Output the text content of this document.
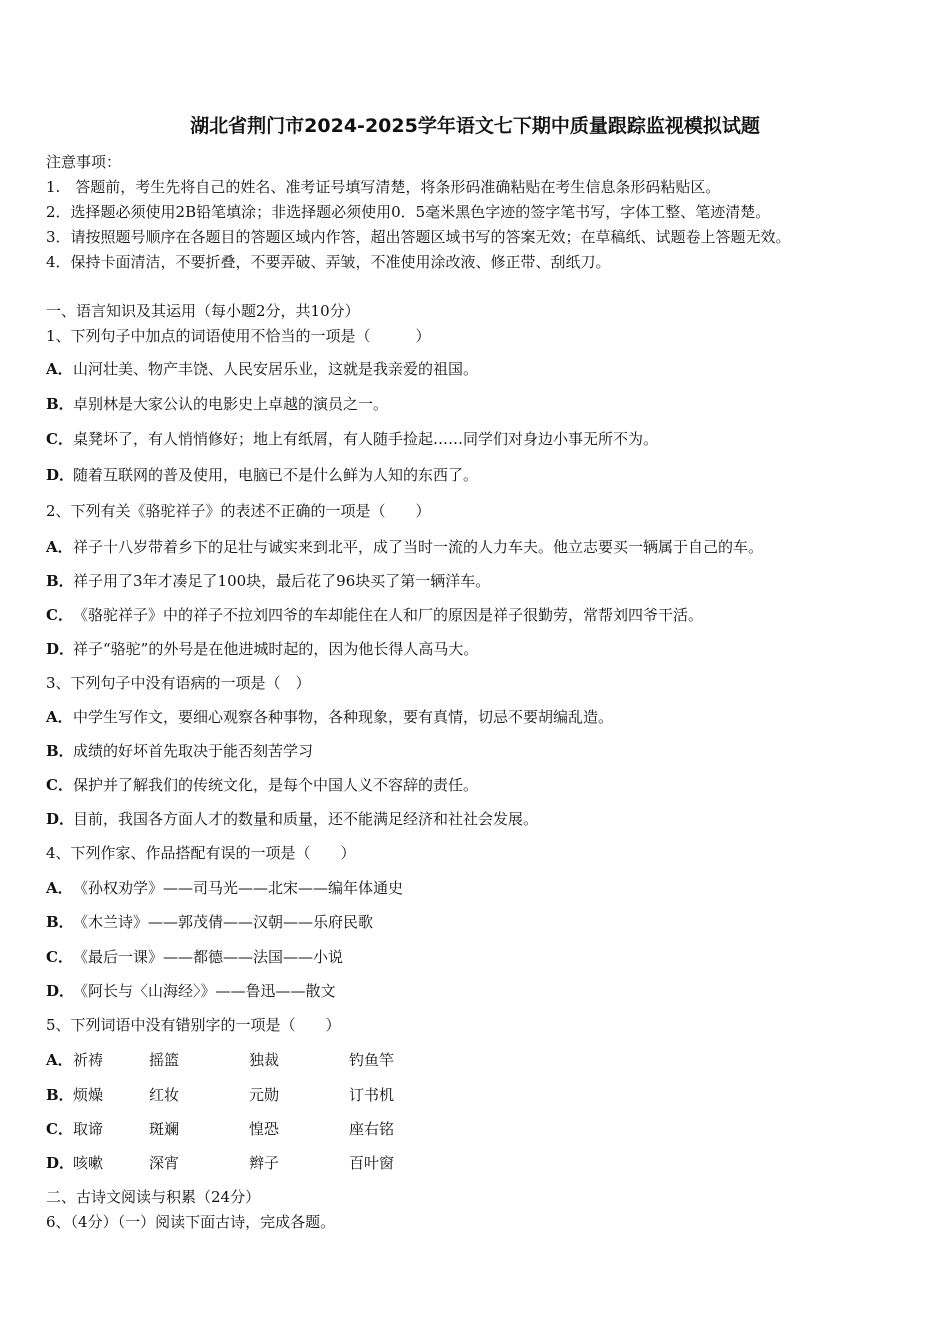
湖北省荆门市2024-2025学年语文七下期中质量跟踪监视模拟试题
注意事项：
1.　答题前，考生先将自己的姓名、准考证号填写清楚，将条形码准确粘贴在考生信息条形码粘贴区。
2．选择题必须使用2B铅笔填涂；非选择题必须使用0．5毫米黑色字迹的签字笔书写，字体工整、笔迹清楚。
3．请按照题号顺序在各题目的答题区域内作答，超出答题区域书写的答案无效；在草稿纸、试题卷上答题无效。
4．保持卡面清洁，不要折叠，不要弄破、弄皱，不准使用涂改液、修正带、刮纸刀。
一、语言知识及其运用（每小题2分，共10分）
1、下列句子中加点的词语使用不恰当的一项是（　　　）
A．山河壮美、物产丰饶、人民安居乐业，这就是我亲爱的祖国。
B．卓别林是大家公认的电影史上卓越的演员之一。
C．桌凳坏了，有人悄悄修好；地上有纸屑，有人随手捡起……同学们对身边小事无所不为。
D．随着互联网的普及使用，电脑已不是什么鲜为人知的东西了。
2、下列有关《骆驼祥子》的表述不正确的一项是（　　）
A．祥子十八岁带着乡下的足壮与诚实来到北平，成了当时一流的人力车夫。他立志要买一辆属于自己的车。
B．祥子用了3年才凑足了100块，最后花了96块买了第一辆洋车。
C．《骆驼祥子》中的祥子不拉刘四爷的车却能住在人和厂的原因是祥子很勤劳，常帮刘四爷干活。
D．祥子“骆驼”的外号是在他进城时起的，因为他长得人高马大。
3、下列句子中没有语病的一项是（　）
A．中学生写作文，要细心观察各种事物，各种现象，要有真情，切忌不要胡编乱造。
B．成绩的好坏首先取决于能否刻苦学习
C．保护并了解我们的传统文化，是每个中国人义不容辞的责任。
D．目前，我国各方面人才的数量和质量，还不能满足经济和社社会发展。
4、下列作家、作品搭配有误的一项是（　　）
A．《孙权劝学》——司马光——北宋——编年体通史
B．《木兰诗》——郭茂倩——汉朝——乐府民歌
C．《最后一课》——都德——法国——小说
D．《阿长与〈山海经〉》——鲁迅——散文
5、下列词语中没有错别字的一项是（　　）
A．祈祷	摇篮	独裁	钓鱼竿
B．烦燥	红妆	元勋	订书机
C．取谛	斑斓	惶恐	座右铭
D．咳嗽	深宵	辫子	百叶窗
二、古诗文阅读与积累（24分）
6、（4分）（一）阅读下面古诗，完成各题。
